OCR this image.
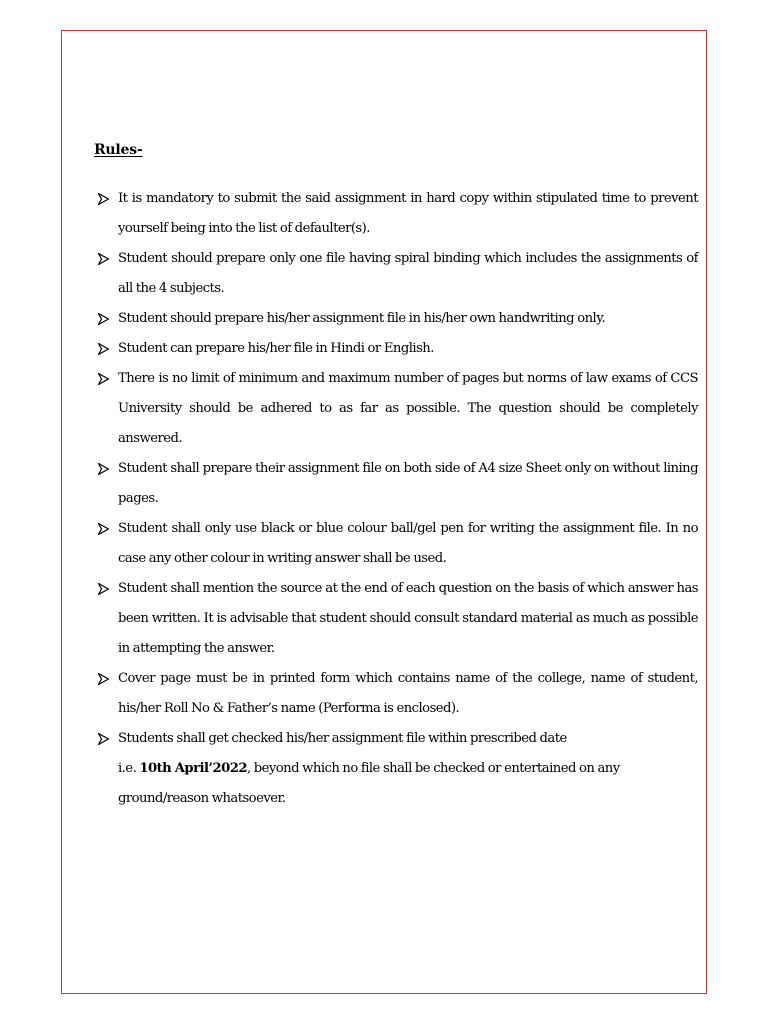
Rules-
It is mandatory to submit the said assignment in hard copy within stipulated time to prevent yourself being into the list of defaulter(s).
Student should prepare only one file having spiral binding which includes the assignments of all the 4 subjects.
Student should prepare his/her assignment file in his/her own handwriting only.
Student can prepare his/her file in Hindi or English.
There is no limit of minimum and maximum number of pages but norms of law exams of CCS University should be adhered to as far as possible. The question should be completely answered.
Student shall prepare their assignment file on both side of A4 size Sheet only on without lining pages.
Student shall only use black or blue colour ball/gel pen for writing the assignment file. In no case any other colour in writing answer shall be used.
Student shall mention the source at the end of each question on the basis of which answer has been written. It is advisable that student should consult standard material as much as possible in attempting the answer.
Cover page must be in printed form which contains name of the college, name of student, his/her Roll No & Father’s name (Performa is enclosed).
Students shall get checked his/her assignment file within prescribed date
i.e. 10th April’2022, beyond which no file shall be checked or entertained on any ground/reason whatsoever.
